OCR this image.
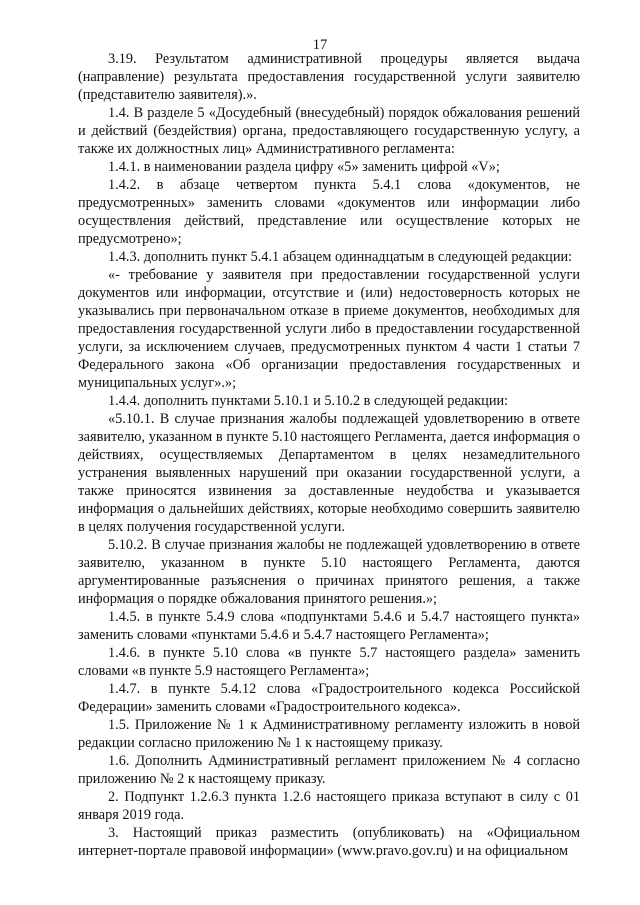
17

3.19. Результатом административной процедуры является выдача (направление) результата предоставления государственной услуги заявителю (представителю заявителя).».

1.4. В разделе 5 «Досудебный (внесудебный) порядок обжалования решений и действий (бездействия) органа, предоставляющего государственную услугу, а также их должностных лиц» Административного регламента:

1.4.1. в наименовании раздела цифру «5» заменить цифрой «V»;

1.4.2. в абзаце четвертом пункта 5.4.1 слова «документов, не предусмотренных» заменить словами «документов или информации либо осуществления действий, представление или осуществление которых не предусмотрено»;

1.4.3. дополнить пункт 5.4.1 абзацем одиннадцатым в следующей редакции:

«- требование у заявителя при предоставлении государственной услуги документов или информации, отсутствие и (или) недостоверность которых не указывались при первоначальном отказе в приеме документов, необходимых для предоставления государственной услуги либо в предоставлении государственной услуги, за исключением случаев, предусмотренных пунктом 4 части 1 статьи 7 Федерального закона «Об организации предоставления государственных и муниципальных услуг».»;

1.4.4. дополнить пунктами 5.10.1 и 5.10.2 в следующей редакции:

«5.10.1. В случае признания жалобы подлежащей удовлетворению в ответе заявителю, указанном в пункте 5.10 настоящего Регламента, дается информация о действиях, осуществляемых Департаментом в целях незамедлительного устранения выявленных нарушений при оказании государственной услуги, а также приносятся извинения за доставленные неудобства и указывается информация о дальнейших действиях, которые необходимо совершить заявителю в целях получения государственной услуги.

5.10.2. В случае признания жалобы не подлежащей удовлетворению в ответе заявителю, указанном в пункте 5.10 настоящего Регламента, даются аргументированные разъяснения о причинах принятого решения, а также информация о порядке обжалования принятого решения.»;

1.4.5. в пункте 5.4.9 слова «подпунктами 5.4.6 и 5.4.7 настоящего пункта» заменить словами «пунктами 5.4.6 и 5.4.7 настоящего Регламента»;

1.4.6. в пункте 5.10 слова «в пункте 5.7 настоящего раздела» заменить словами «в пункте 5.9 настоящего Регламента»;

1.4.7. в пункте 5.4.12 слова «Градостроительного кодекса Российской Федерации» заменить словами «Градостроительного кодекса».

1.5. Приложение № 1 к Административному регламенту изложить в новой редакции согласно приложению № 1 к настоящему приказу.

1.6. Дополнить Административный регламент приложением № 4 согласно приложению № 2 к настоящему приказу.

2. Подпункт 1.2.6.3 пункта 1.2.6 настоящего приказа вступают в силу с 01 января 2019 года.

3. Настоящий приказ разместить (опубликовать) на «Официальном интернет-портале правовой информации» (www.pravo.gov.ru) и на официальном
